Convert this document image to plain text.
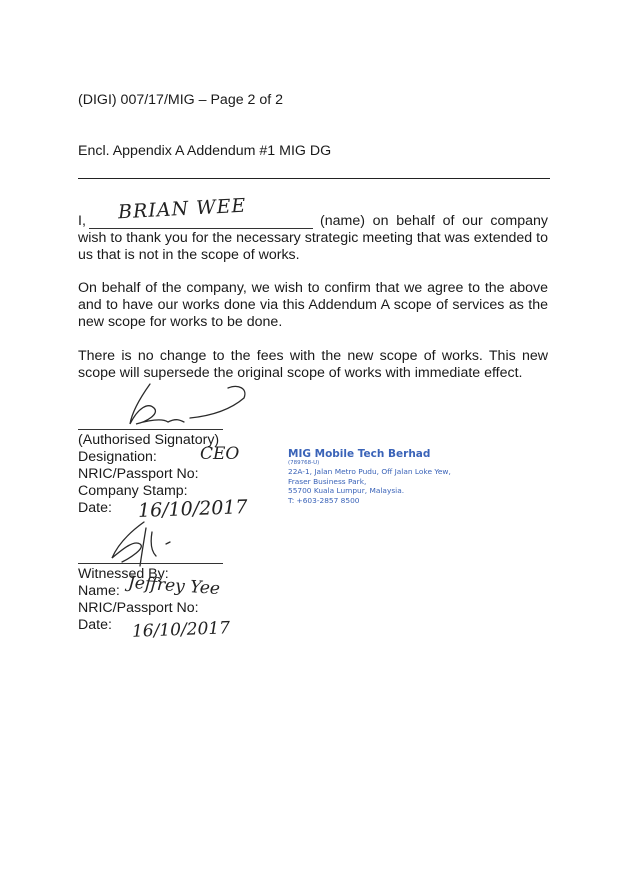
(DIGI) 007/17/MIG – Page 2 of 2
Encl. Appendix A Addendum #1 MIG DG
I, BRIAN WEE	(name) on behalf of our company
wish to thank you for the necessary strategic meeting that was extended to us that is not in the scope of works.
On behalf of the company, we wish to confirm that we agree to the above and to have our works done via this Addendum A scope of services as the new scope for works to be done.
There is no change to the fees with the new scope of works. This new scope will supersede the original scope of works with immediate effect.
(Authorised Signatory)
Designation:	CEO
NRIC/Passport No:
Company Stamp:
Date: 16/10/2017
MIG Mobile Tech Berhad
(789768-U)
22A-1, Jalan Metro Pudu, Off Jalan Loke Yew,
Fraser Business Park,
55700 Kuala Lumpur, Malaysia.
T: +603-2857 8500
Witnessed By:
Name: Jeffrey Yee
NRIC/Passport No:
Date: 16/10/2017
